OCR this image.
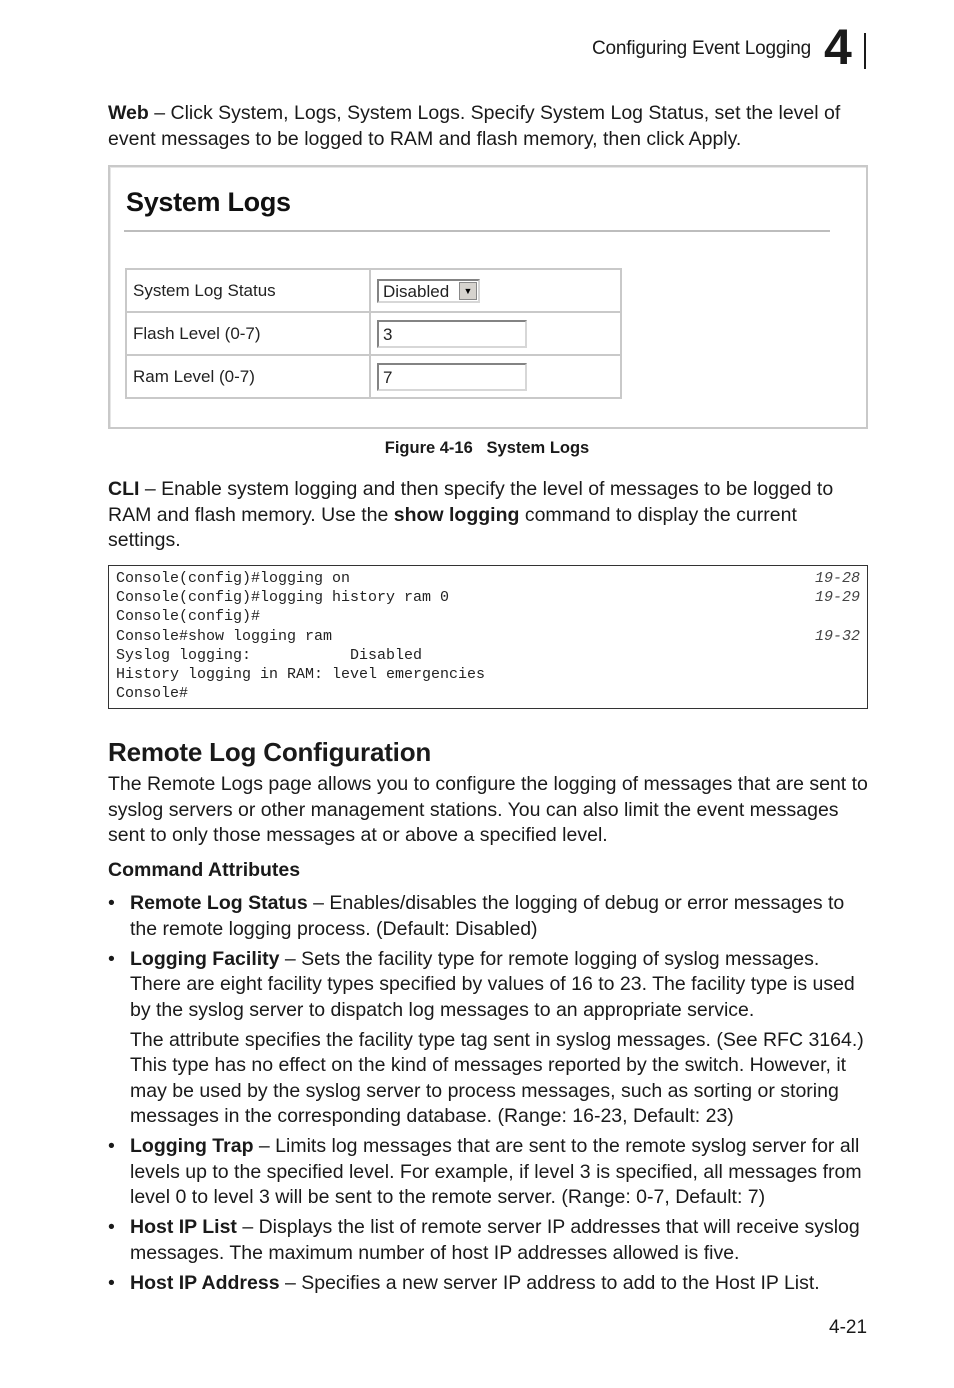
Configuring Event Logging 4
Web – Click System, Logs, System Logs. Specify System Log Status, set the level of event messages to be logged to RAM and flash memory, then click Apply.
System Logs
System Log Status	Disabled ▼

Flash Level (0-7)	3
Ram Level (0-7)	7
Figure 4-16   System Logs
CLI – Enable system logging and then specify the level of messages to be logged to RAM and flash memory. Use the show logging command to display the current settings.
Console(config)#logging on	19-28
Console(config)#logging history ram 0	19-29
Console(config)#
Console#show logging ram	19-32
Syslog logging:           Disabled
History logging in RAM: level emergencies
Console#
Remote Log Configuration
The Remote Logs page allows you to configure the logging of messages that are sent to syslog servers or other management stations. You can also limit the event messages sent to only those messages at or above a specified level.
Command Attributes
• Remote Log Status – Enables/disables the logging of debug or error messages to the remote logging process. (Default: Disabled)
• Logging Facility – Sets the facility type for remote logging of syslog messages. There are eight facility types specified by values of 16 to 23. The facility type is used by the syslog server to dispatch log messages to an appropriate service.
The attribute specifies the facility type tag sent in syslog messages. (See RFC 3164.) This type has no effect on the kind of messages reported by the switch. However, it may be used by the syslog server to process messages, such as sorting or storing messages in the corresponding database. (Range: 16-23, Default: 23)
• Logging Trap – Limits log messages that are sent to the remote syslog server for all levels up to the specified level. For example, if level 3 is specified, all messages from level 0 to level 3 will be sent to the remote server. (Range: 0-7, Default: 7)
• Host IP List – Displays the list of remote server IP addresses that will receive syslog messages. The maximum number of host IP addresses allowed is five.
• Host IP Address – Specifies a new server IP address to add to the Host IP List.
4-21
